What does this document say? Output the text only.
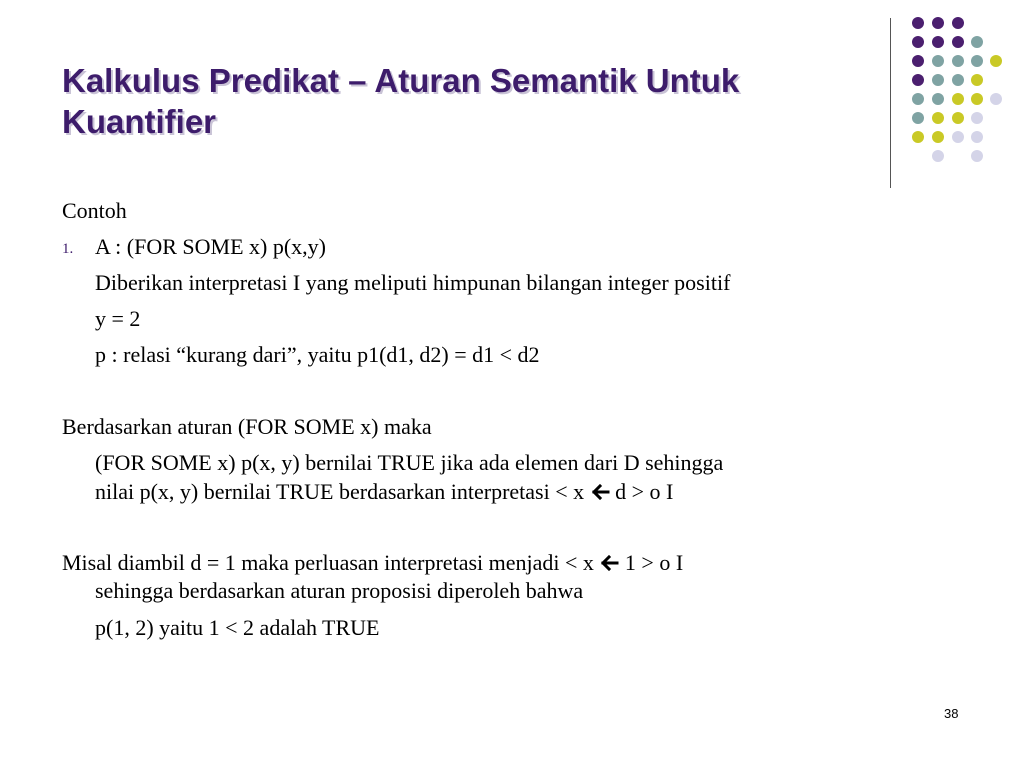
Kalkulus Predikat – Aturan Semantik Untuk Kuantifier
Contoh
1. A : (FOR SOME x) p(x,y)
Diberikan interpretasi I yang meliputi himpunan bilangan integer positif
y = 2
p : relasi “kurang dari”, yaitu p1(d1, d2) = d1 < d2
Berdasarkan aturan (FOR SOME x) maka
(FOR SOME x) p(x, y) bernilai TRUE jika ada elemen dari D sehingga
nilai p(x, y) bernilai TRUE berdasarkan interpretasi < x  d > o I
Misal diambil d = 1 maka perluasan interpretasi menjadi < x  1 > o I
sehingga berdasarkan aturan proposisi diperoleh bahwa
p(1, 2) yaitu 1 < 2 adalah TRUE
38
